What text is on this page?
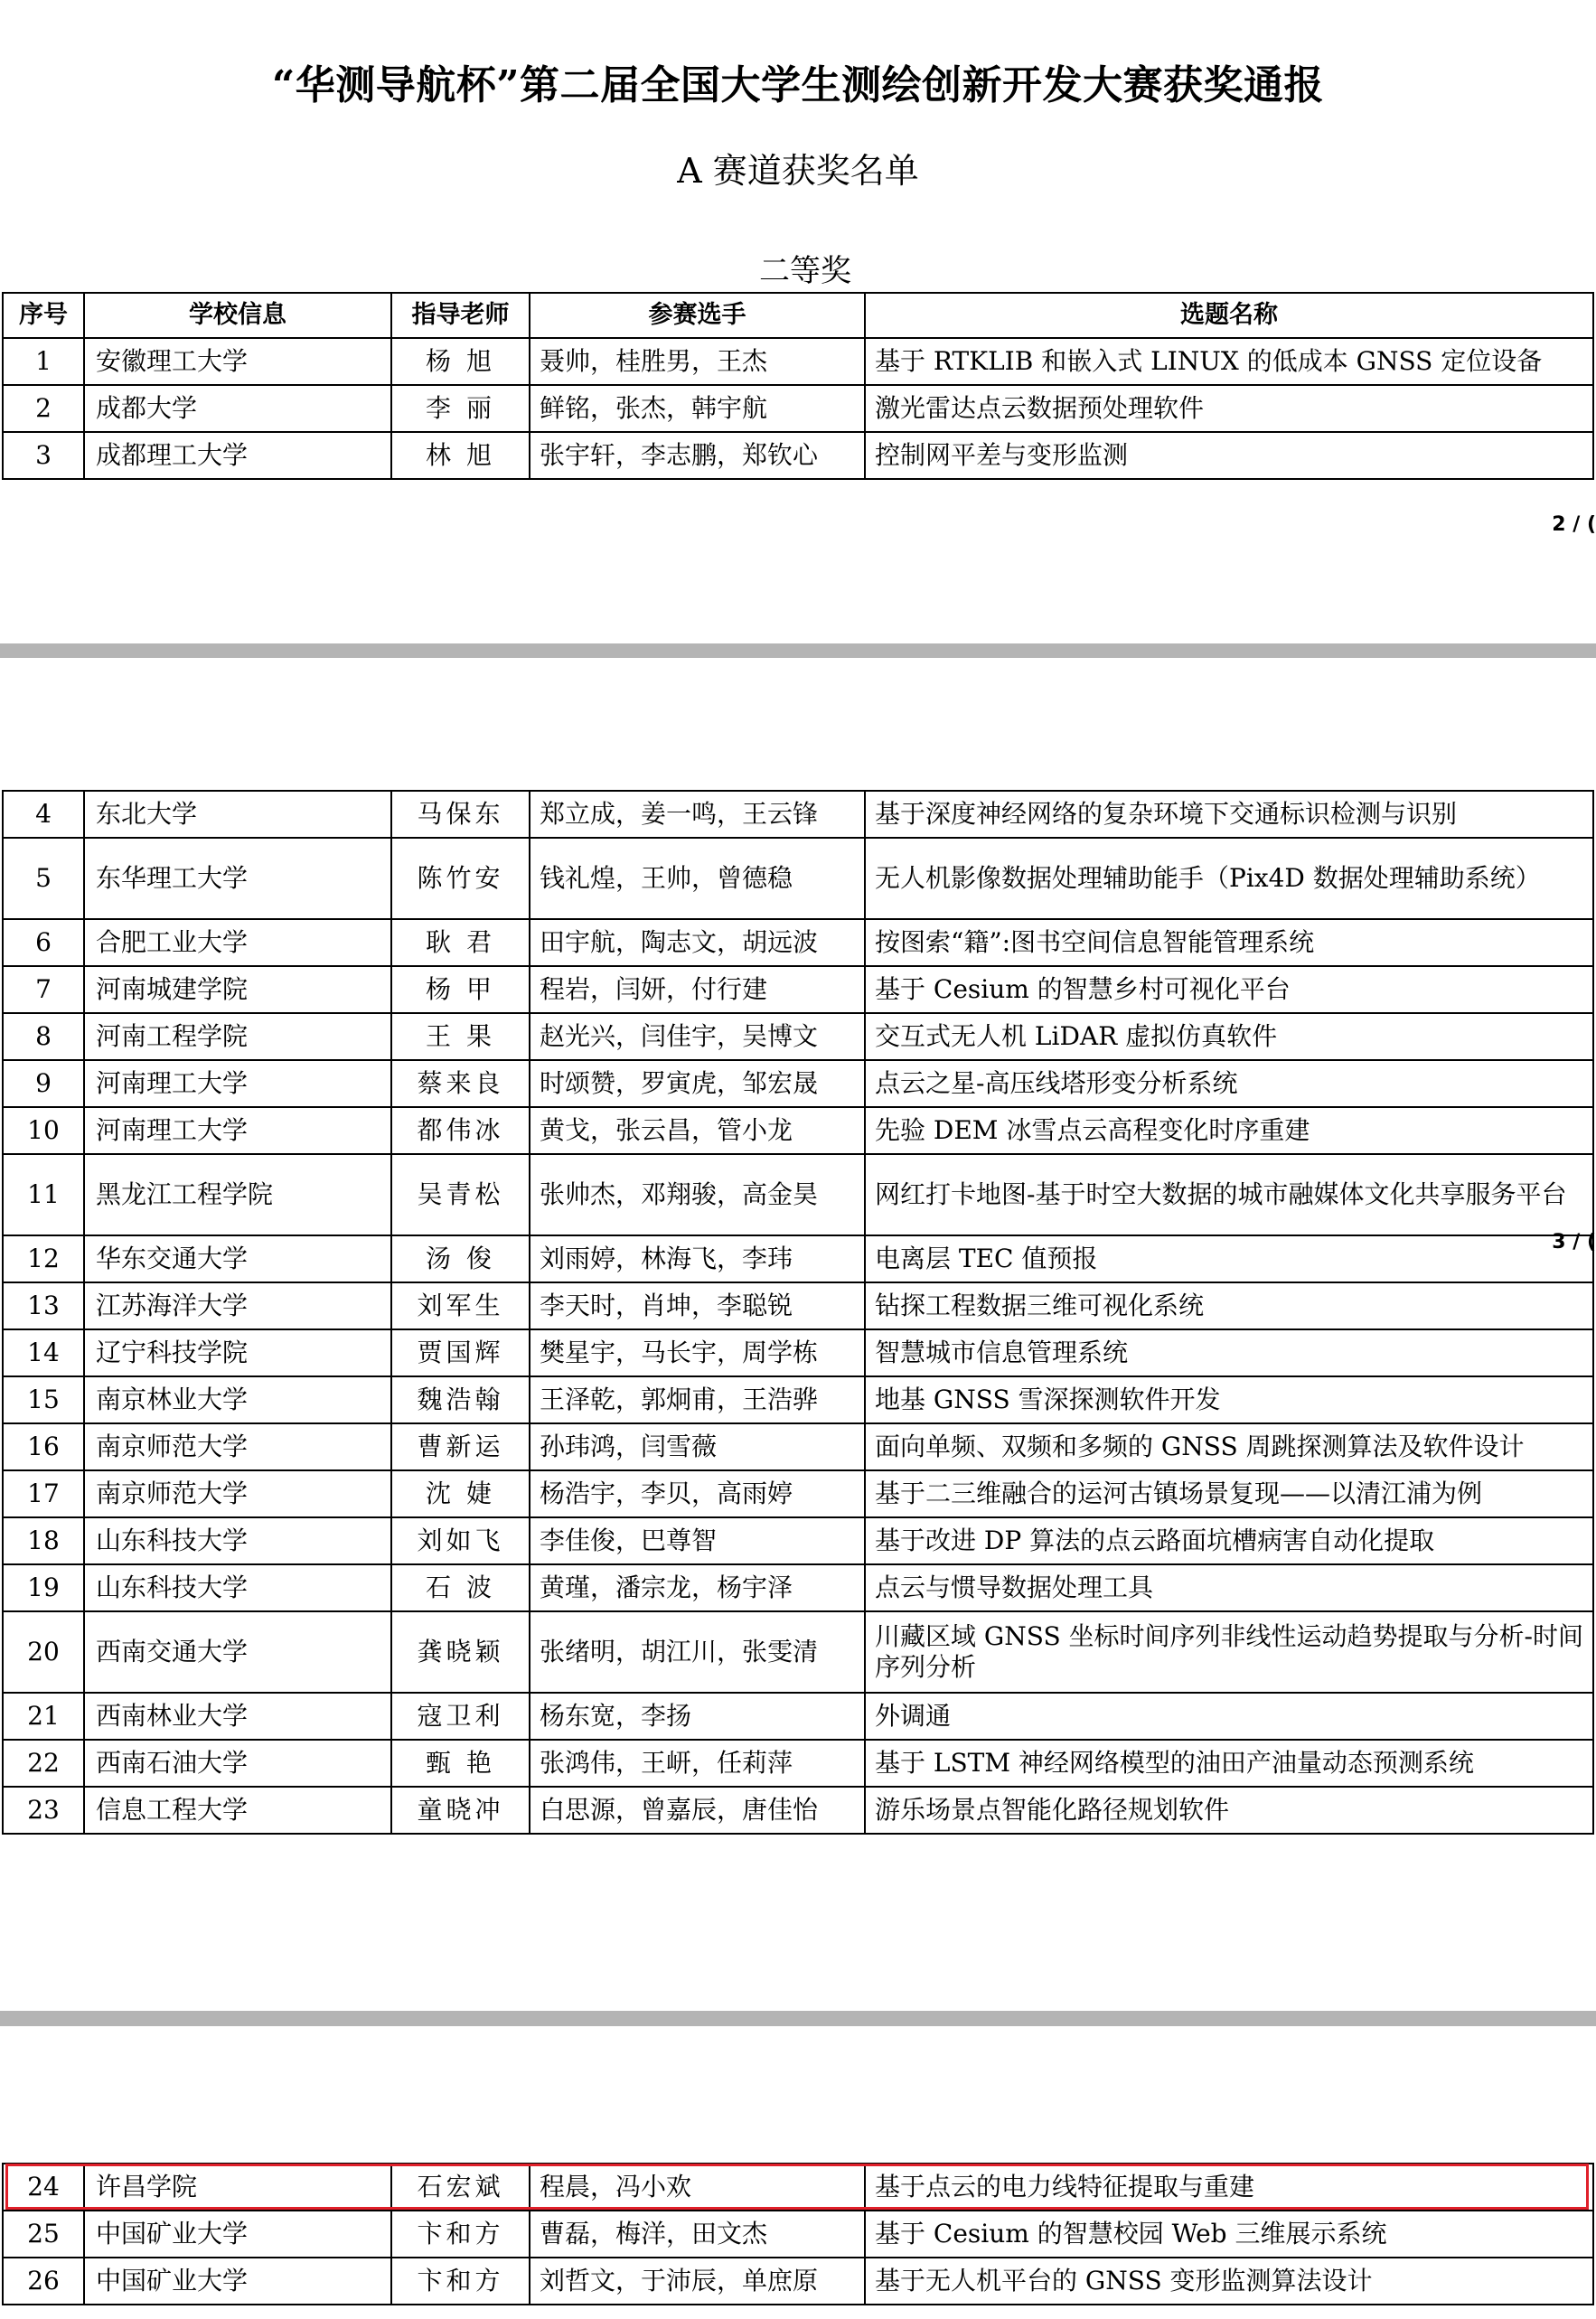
“华测导航杯”第二届全国大学生测绘创新开发大赛获奖通报
A 赛道获奖名单
二等奖
2 / (
3 / (
序号	学校信息	指导老师	参赛选手	选题名称
1	安徽理工大学	杨 旭	聂帅，桂胜男，王杰	基于 RTKLIB 和嵌入式 LINUX 的低成本 GNSS 定位设备
2	成都大学	李 丽	鲜铭，张杰，韩宇航	激光雷达点云数据预处理软件
3	成都理工大学	林 旭	张宇轩，李志鹏，郑钦心	控制网平差与变形监测
4	东北大学	马保东	郑立成，姜一鸣，王云锋	基于深度神经网络的复杂环境下交通标识检测与识别
5	东华理工大学	陈竹安	钱礼煌，王帅，曾德稳	无人机影像数据处理辅助能手（Pix4D 数据处理辅助系统）
6	合肥工业大学	耿 君	田宇航，陶志文，胡远波	按图索“籍”:图书空间信息智能管理系统
7	河南城建学院	杨 甲	程岩，闫妍，付行建	基于 Cesium 的智慧乡村可视化平台
8	河南工程学院	王 果	赵光兴，闫佳宇，吴博文	交互式无人机 LiDAR 虚拟仿真软件
9	河南理工大学	蔡来良	时颂赞，罗寅虎，邹宏晟	点云之星-高压线塔形变分析系统
10	河南理工大学	都伟冰	黄戈，张云昌，管小龙	先验 DEM 冰雪点云高程变化时序重建
11	黑龙江工程学院	吴青松	张帅杰，邓翔骏，高金昊	网红打卡地图-基于时空大数据的城市融媒体文化共享服务平台
12	华东交通大学	汤 俊	刘雨婷，林海飞，李玮	电离层 TEC 值预报
13	江苏海洋大学	刘军生	李天时，肖坤，李聪锐	钻探工程数据三维可视化系统
14	辽宁科技学院	贾国辉	樊星宇，马长宇，周学栋	智慧城市信息管理系统
15	南京林业大学	魏浩翰	王泽乾，郭炯甫，王浩骅	地基 GNSS 雪深探测软件开发
16	南京师范大学	曹新运	孙玮鸿，闫雪薇	面向单频、双频和多频的 GNSS 周跳探测算法及软件设计
17	南京师范大学	沈 婕	杨浩宇，李贝，高雨婷	基于二三维融合的运河古镇场景复现——以清江浦为例
18	山东科技大学	刘如飞	李佳俊，巴尊智	基于改进 DP 算法的点云路面坑槽病害自动化提取
19	山东科技大学	石 波	黄瑾，潘宗龙，杨宇泽	点云与惯导数据处理工具
20	西南交通大学	龚晓颖	张绪明，胡江川，张雯清	川藏区域 GNSS 坐标时间序列非线性运动趋势提取与分析-时间序列分析
21	西南林业大学	寇卫利	杨东宽，李扬	外调通
22	西南石油大学	甄 艳	张鸿伟，王岍，任莉萍	基于 LSTM 神经网络模型的油田产油量动态预测系统
23	信息工程大学	童晓冲	白思源，曾嘉辰，唐佳怡	游乐场景点智能化路径规划软件
24	许昌学院	石宏斌	程晨，冯小欢	基于点云的电力线特征提取与重建
25	中国矿业大学	卞和方	曹磊，梅洋，田文杰	基于 Cesium 的智慧校园 Web 三维展示系统
26	中国矿业大学	卞和方	刘哲文，于沛辰，单庶原	基于无人机平台的 GNSS 变形监测算法设计
